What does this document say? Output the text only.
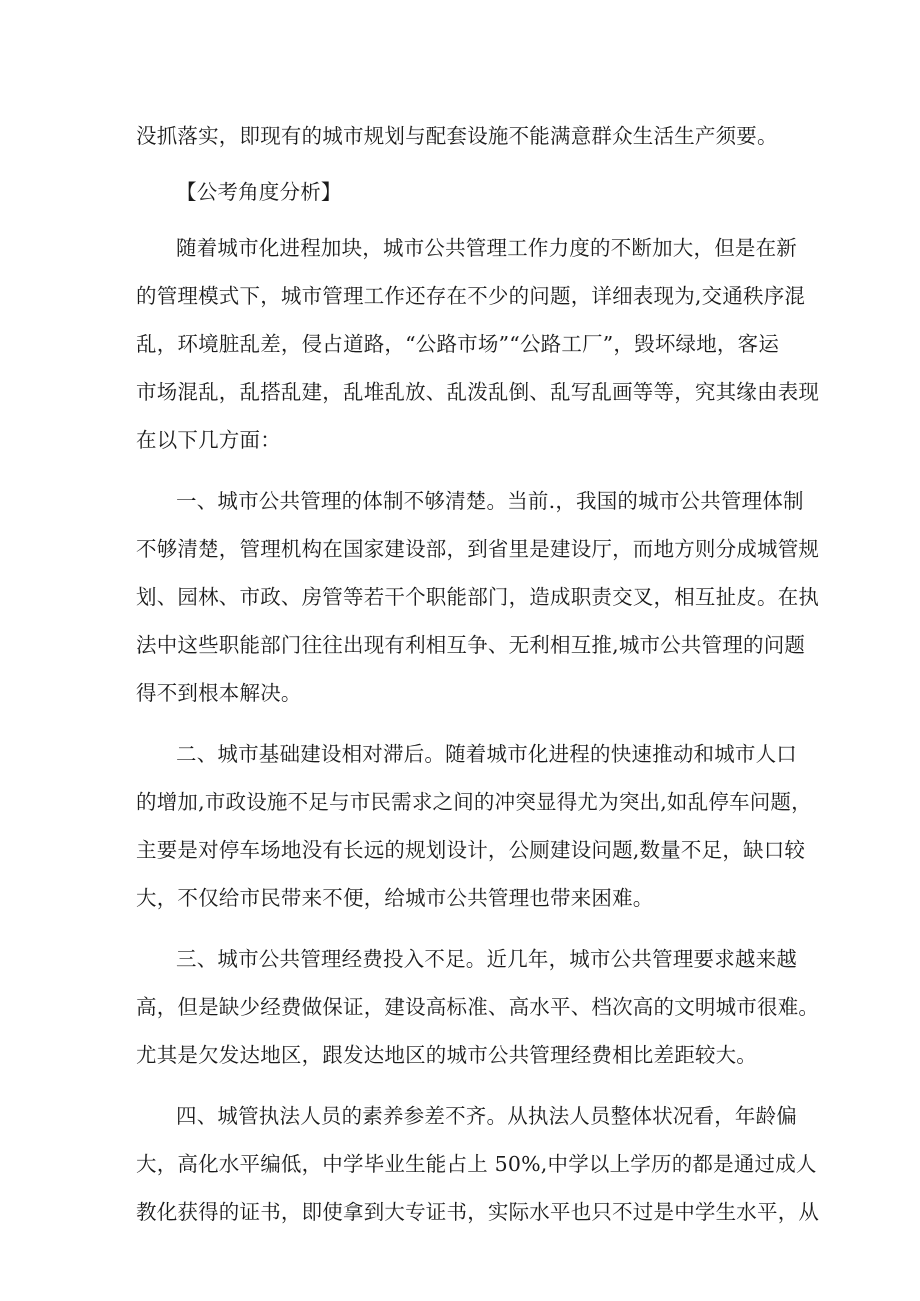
没抓落实，即现有的城市规划与配套设施不能满意群众生活生产须要。
【公考角度分析】
随着城市化进程加块，城市公共管理工作力度的不断加大，但是在新
的管理模式下，城市管理工作还存在不少的问题，详细表现为,交通秩序混
乱，环境脏乱差，侵占道路，“公路市场”“公路工厂”，毁坏绿地，客运
市场混乱，乱搭乱建，乱堆乱放、乱泼乱倒、乱写乱画等等，究其缘由表现
在以下几方面：
一、城市公共管理的体制不够清楚。当前.，我国的城市公共管理体制
不够清楚，管理机构在国家建设部，到省里是建设厅，而地方则分成城管规
划、园林、市政、房管等若干个职能部门，造成职责交叉，相互扯皮。在执
法中这些职能部门往往出现有利相互争、无利相互推,城市公共管理的问题
得不到根本解决。
二、城市基础建设相对滞后。随着城市化进程的快速推动和城市人口
的增加,市政设施不足与市民需求之间的冲突显得尤为突出,如乱停车问题，
主要是对停车场地没有长远的规划设计，公厕建设问题,数量不足，缺口较
大，不仅给市民带来不便，给城市公共管理也带来困难。
三、城市公共管理经费投入不足。近几年，城市公共管理要求越来越
高，但是缺少经费做保证，建设高标准、高水平、档次高的文明城市很难。
尤其是欠发达地区，跟发达地区的城市公共管理经费相比差距较大。
四、城管执法人员的素养参差不齐。从执法人员整体状况看，年龄偏
大，高化水平编低，中学毕业生能占上 50%,中学以上学历的都是通过成人
教化获得的证书，即使拿到大专证书，实际水平也只不过是中学生水平，从
